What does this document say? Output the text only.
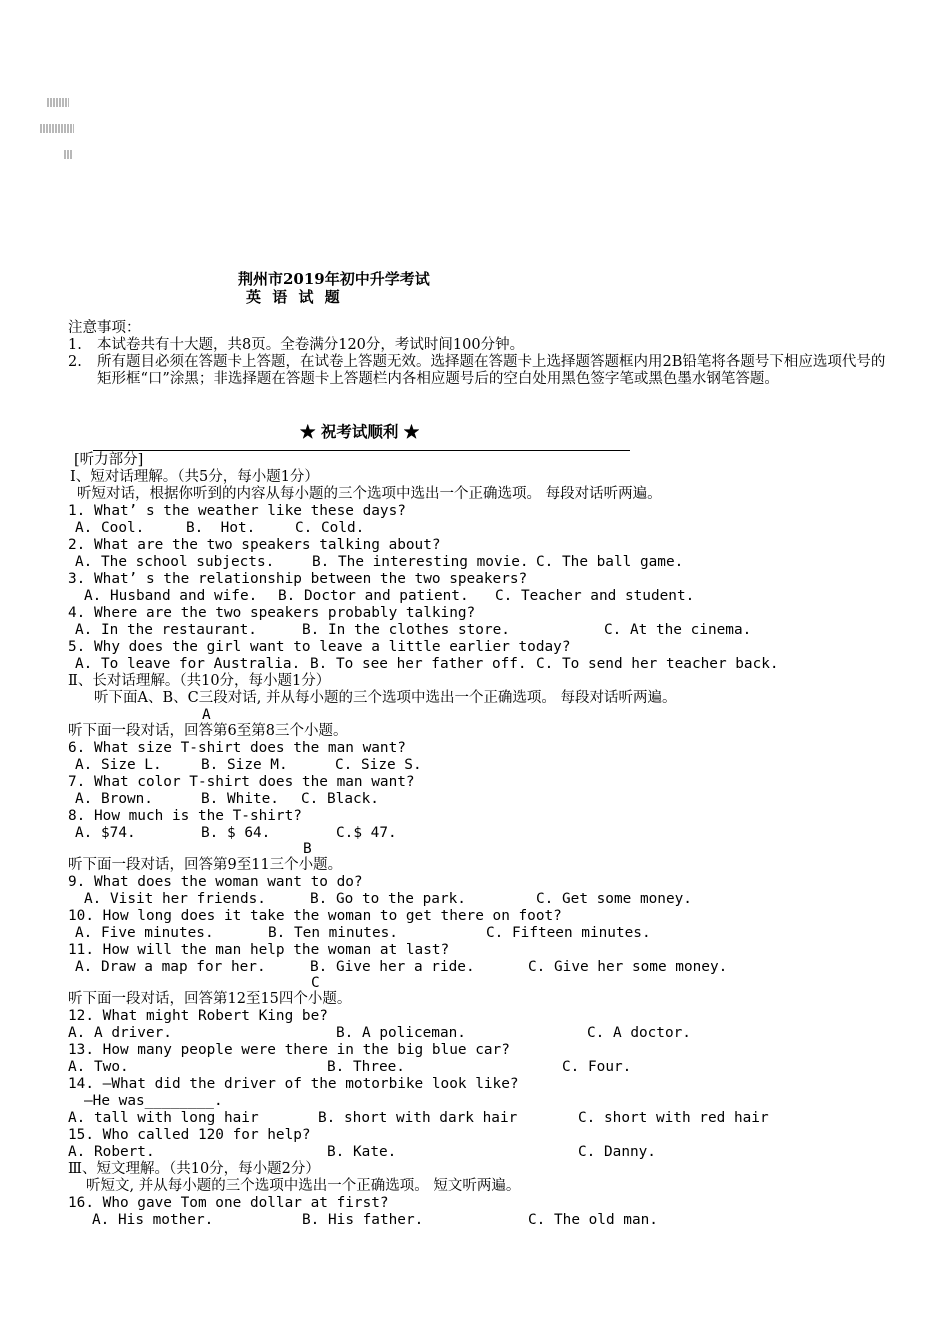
荆州市2019年初中升学考试
英 语 试 题
注意事项：
1.	本试卷共有十大题，共8页。全卷满分120分，考试时间100分钟。
2.	所有题目必须在答题卡上答题，在试卷上答题无效。选择题在答题卡上选择题答题框内用2B铅笔将各题号下相应选项代号的矩形框“口”涂黑；非选择题在答题卡上答题栏内各相应题号后的空白处用黑色签字笔或黑色墨水钢笔答题。
★ 祝考试顺利 ★
[听力部分]
Ⅰ、短对话理解。（共5分，每小题1分）
听短对话，根据你听到的内容从每小题的三个选项中选出一个正确选项。 每段对话听两遍。
1. What’ s the weather like these days?
A. Cool.	B.  Hot.	C. Cold.
2. What are the two speakers talking about?
A. The school subjects.	B. The interesting movie. C. The ball game.
3. What’ s the relationship between the two speakers?
A. Husband and wife. B. Doctor and patient. C. Teacher and student.
4. Where are the two speakers probably talking?
A. In the restaurant.	B. In the clothes store.	C. At the cinema.
5. Why does the girl want to leave a little earlier today?
A. To leave for Australia. B. To see her father off. C. To send her teacher back.
Ⅱ、长对话理解。（共10分，每小题1分）
听下面A、B、C三段对话, 并从每小题的三个选项中选出一个正确选项。 每段对话听两遍。
A
听下面一段对话，回答第6至第8三个小题。
6. What size T-shirt does the man want?
A. Size L.	B. Size M.	C. Size S.
7. What color T-shirt does the man want?
A. Brown.	B. White. C. Black.
8. How much is the T-shirt?
A. $74.	B. $ 64.	C.$ 47.
B
听下面一段对话，回答第9至11三个小题。
9. What does the woman want to do?
A. Visit her friends.	B. Go to the park.	C. Get some money.
10. How long does it take the woman to get there on foot?
A. Five minutes.	B. Ten minutes.	C. Fifteen minutes.
11. How will the man help the woman at last?
A. Draw a map for her.	B. Give her a ride.	C. Give her some money.
C
听下面一段对话，回答第12至15四个小题。
12. What might Robert King be?
A. A driver.	B. A policeman.	C. A doctor.
13. How many people were there in the big blue car?
A. Two.	B. Three.	C. Four.
14. —What did the driver of the motorbike look like?
—He was________.
A. tall with long hair	B. short with dark hair	C. short with red hair
15. Who called 120 for help?
A. Robert.	B. Kate.	C. Danny.
Ⅲ、短文理解。（共10分，每小题2分）
听短文, 并从每小题的三个选项中选出一个正确选项。 短文听两遍。
16. Who gave Tom one dollar at first?
A. His mother.	B. His father.	C. The old man.
